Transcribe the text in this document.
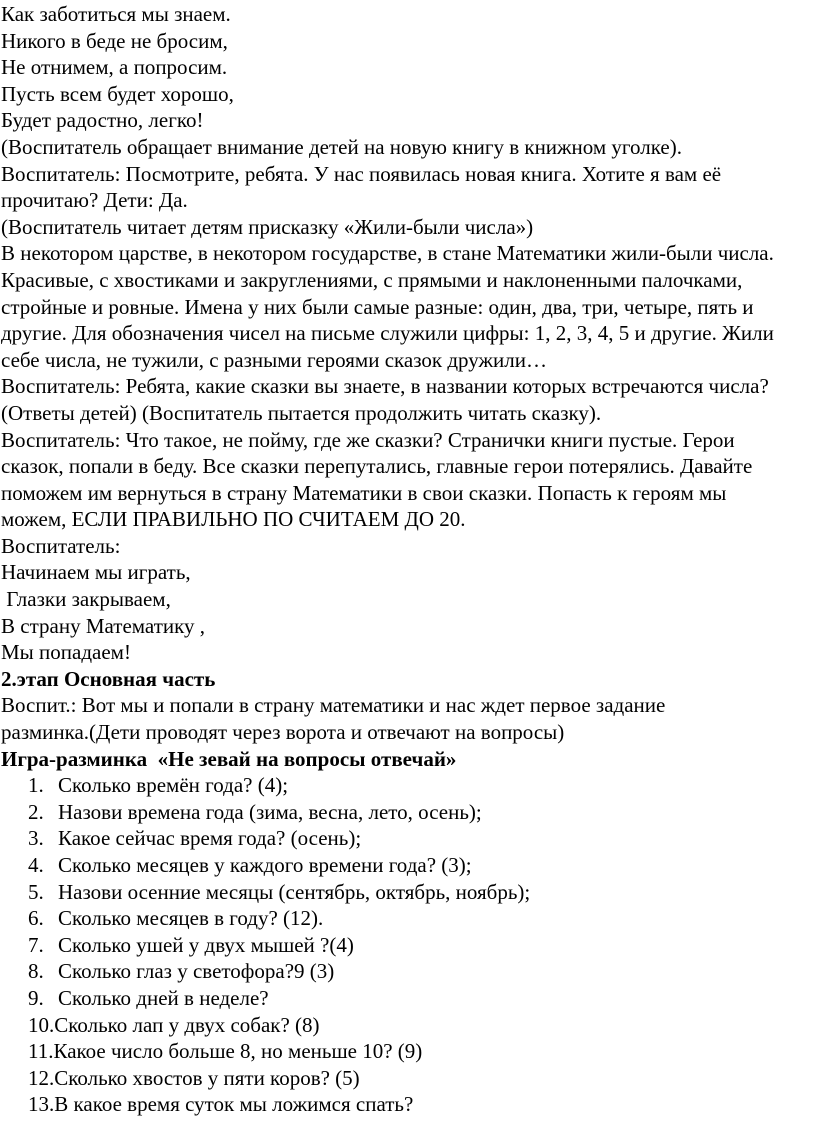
Как заботиться мы знаем.

Никого в беде не бросим,

Не отнимем, а попросим.

Пусть всем будет хорошо,

Будет радостно, легко!

(Воспитатель обращает внимание детей на новую книгу в книжном уголке).

Воспитатель: Посмотрите, ребята. У нас появилась новая книга. Хотите я вам её

прочитаю? Дети: Да.

(Воспитатель читает детям присказку «Жили-были числа»)

В некотором царстве, в некотором государстве, в стане Математики жили-были числа.

Красивые, с хвостиками и закруглениями, с прямыми и наклоненными палочками,

стройные и ровные. Имена у них были самые разные: один, два, три, четыре, пять и

другие. Для обозначения чисел на письме служили цифры: 1, 2, 3, 4, 5 и другие. Жили

себе числа, не тужили, с разными героями сказок дружили…

Воспитатель: Ребята, какие сказки вы знаете, в названии которых встречаются числа?

(Ответы детей) (Воспитатель пытается продолжить читать сказку).

Воспитатель: Что такое, не пойму, где же сказки? Странички книги пустые. Герои

сказок, попали в беду. Все сказки перепутались, главные герои потерялись. Давайте

поможем им вернуться в страну Математики в свои сказки. Попасть к героям мы

можем, ЕСЛИ ПРАВИЛЬНО ПО СЧИТАЕМ ДО 20.

Воспитатель:

Начинаем мы играть,

Глазки закрываем,

В страну Математику ,

Мы попадаем!

2.этап Основная часть

Воспит.: Вот мы и попали в страну математики и нас ждет первое задание

разминка.(Дети проводят через ворота и отвечают на вопросы)

Игра-разминка  «Не зевай на вопросы отвечай»

1. Сколько времён года? (4);
2. Назови времена года (зима, весна, лето, осень);
3. Какое сейчас время года? (осень);
4. Сколько месяцев у каждого времени года? (3);
5. Назови осенние месяцы (сентябрь, октябрь, ноябрь);
6. Сколько месяцев в году? (12).
7. Сколько ушей у двух мышей ?(4)
8. Сколько глаз у светофора?9 (3)
9. Сколько дней в неделе?
10. Сколько лап у двух собак? (8)
11. Какое число больше 8, но меньше 10? (9)
12. Сколько хвостов у пяти коров? (5)
13. В какое время суток мы ложимся спать?
